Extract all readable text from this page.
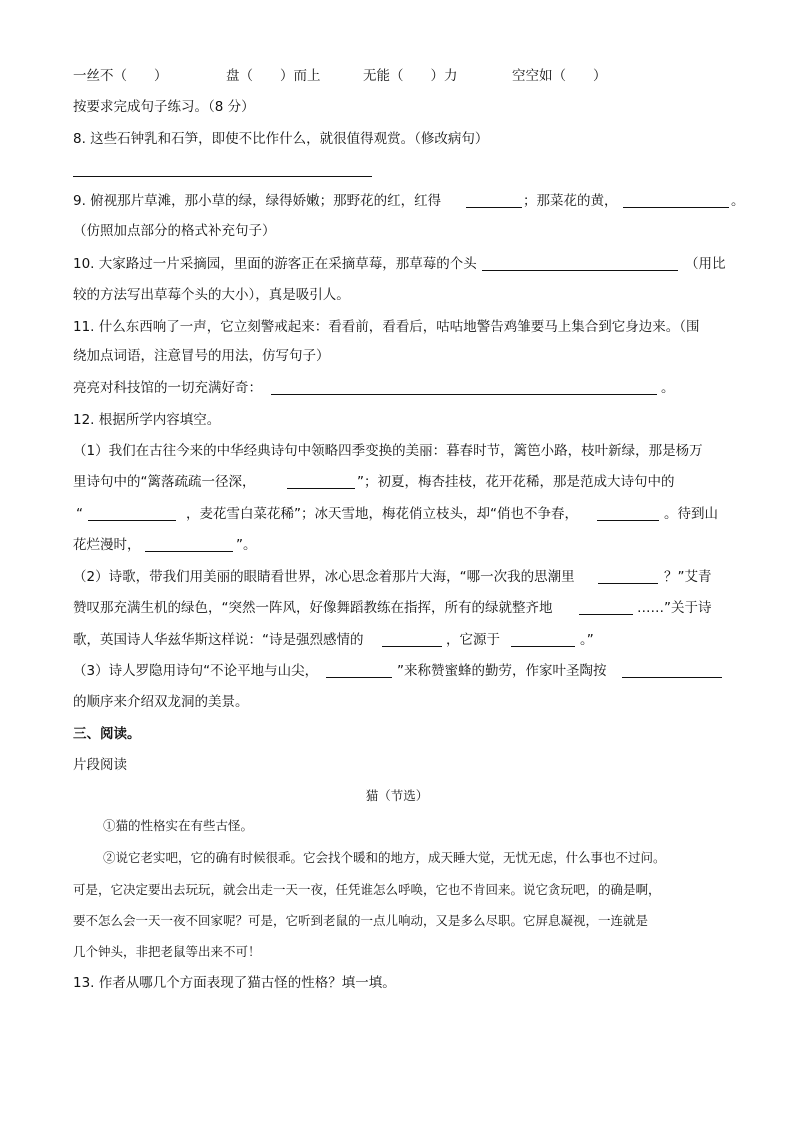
一丝不（　　）	盘（　　）而上	无能（　　）力	空空如（　　）
按要求完成句子练习。（8 分）
8. 这些石钟乳和石笋，即使不比作什么，就很值得观赏。（修改病句）
9. 俯视那片草滩，那小草的绿，绿得娇嫩；那野花的红，红得	；那菜花的黄，	。
（仿照加点部分的格式补充句子）
10. 大家路过一片采摘园，里面的游客正在采摘草莓，那草莓的个头	（用比
较的方法写出草莓个头的大小），真是吸引人。
11. 什么东西响了一声，它立刻警戒起来：看看前，看看后，咕咕地警告鸡雏要马上集合到它身边来。（围
绕加点词语，注意冒号的用法，仿写句子）
亮亮对科技馆的一切充满好奇：	。
12. 根据所学内容填空。
（1）我们在古往今来的中华经典诗句中领略四季变换的美丽：暮春时节，篱笆小路，枝叶新绿，那是杨万
里诗句中的“篱落疏疏一径深，	”；初夏，梅杏挂枝，花开花稀，那是范成大诗句中的
“	，麦花雪白菜花稀”；冰天雪地，梅花俏立枝头，却“俏也不争春，	。待到山
花烂漫时，	”。
（2）诗歌，带我们用美丽的眼睛看世界，冰心思念着那片大海，“哪一次我的思潮里	？”艾青
赞叹那充满生机的绿色，“突然一阵风，好像舞蹈教练在指挥，所有的绿就整齐地	……”关于诗
歌，英国诗人华兹华斯这样说：“诗是强烈感情的	，它源于	。”
（3）诗人罗隐用诗句“不论平地与山尖，	”来称赞蜜蜂的勤劳，作家叶圣陶按
的顺序来介绍双龙洞的美景。
三、阅读。
片段阅读
猫（节选）
①猫的性格实在有些古怪。
②说它老实吧，它的确有时候很乖。它会找个暖和的地方，成天睡大觉，无忧无虑，什么事也不过问。
可是，它决定要出去玩玩，就会出走一天一夜，任凭谁怎么呼唤，它也不肯回来。说它贪玩吧，的确是啊，
要不怎么会一天一夜不回家呢？可是，它听到老鼠的一点儿响动，又是多么尽职。它屏息凝视，一连就是
几个钟头，非把老鼠等出来不可！
13. 作者从哪几个方面表现了猫古怪的性格？填一填。
